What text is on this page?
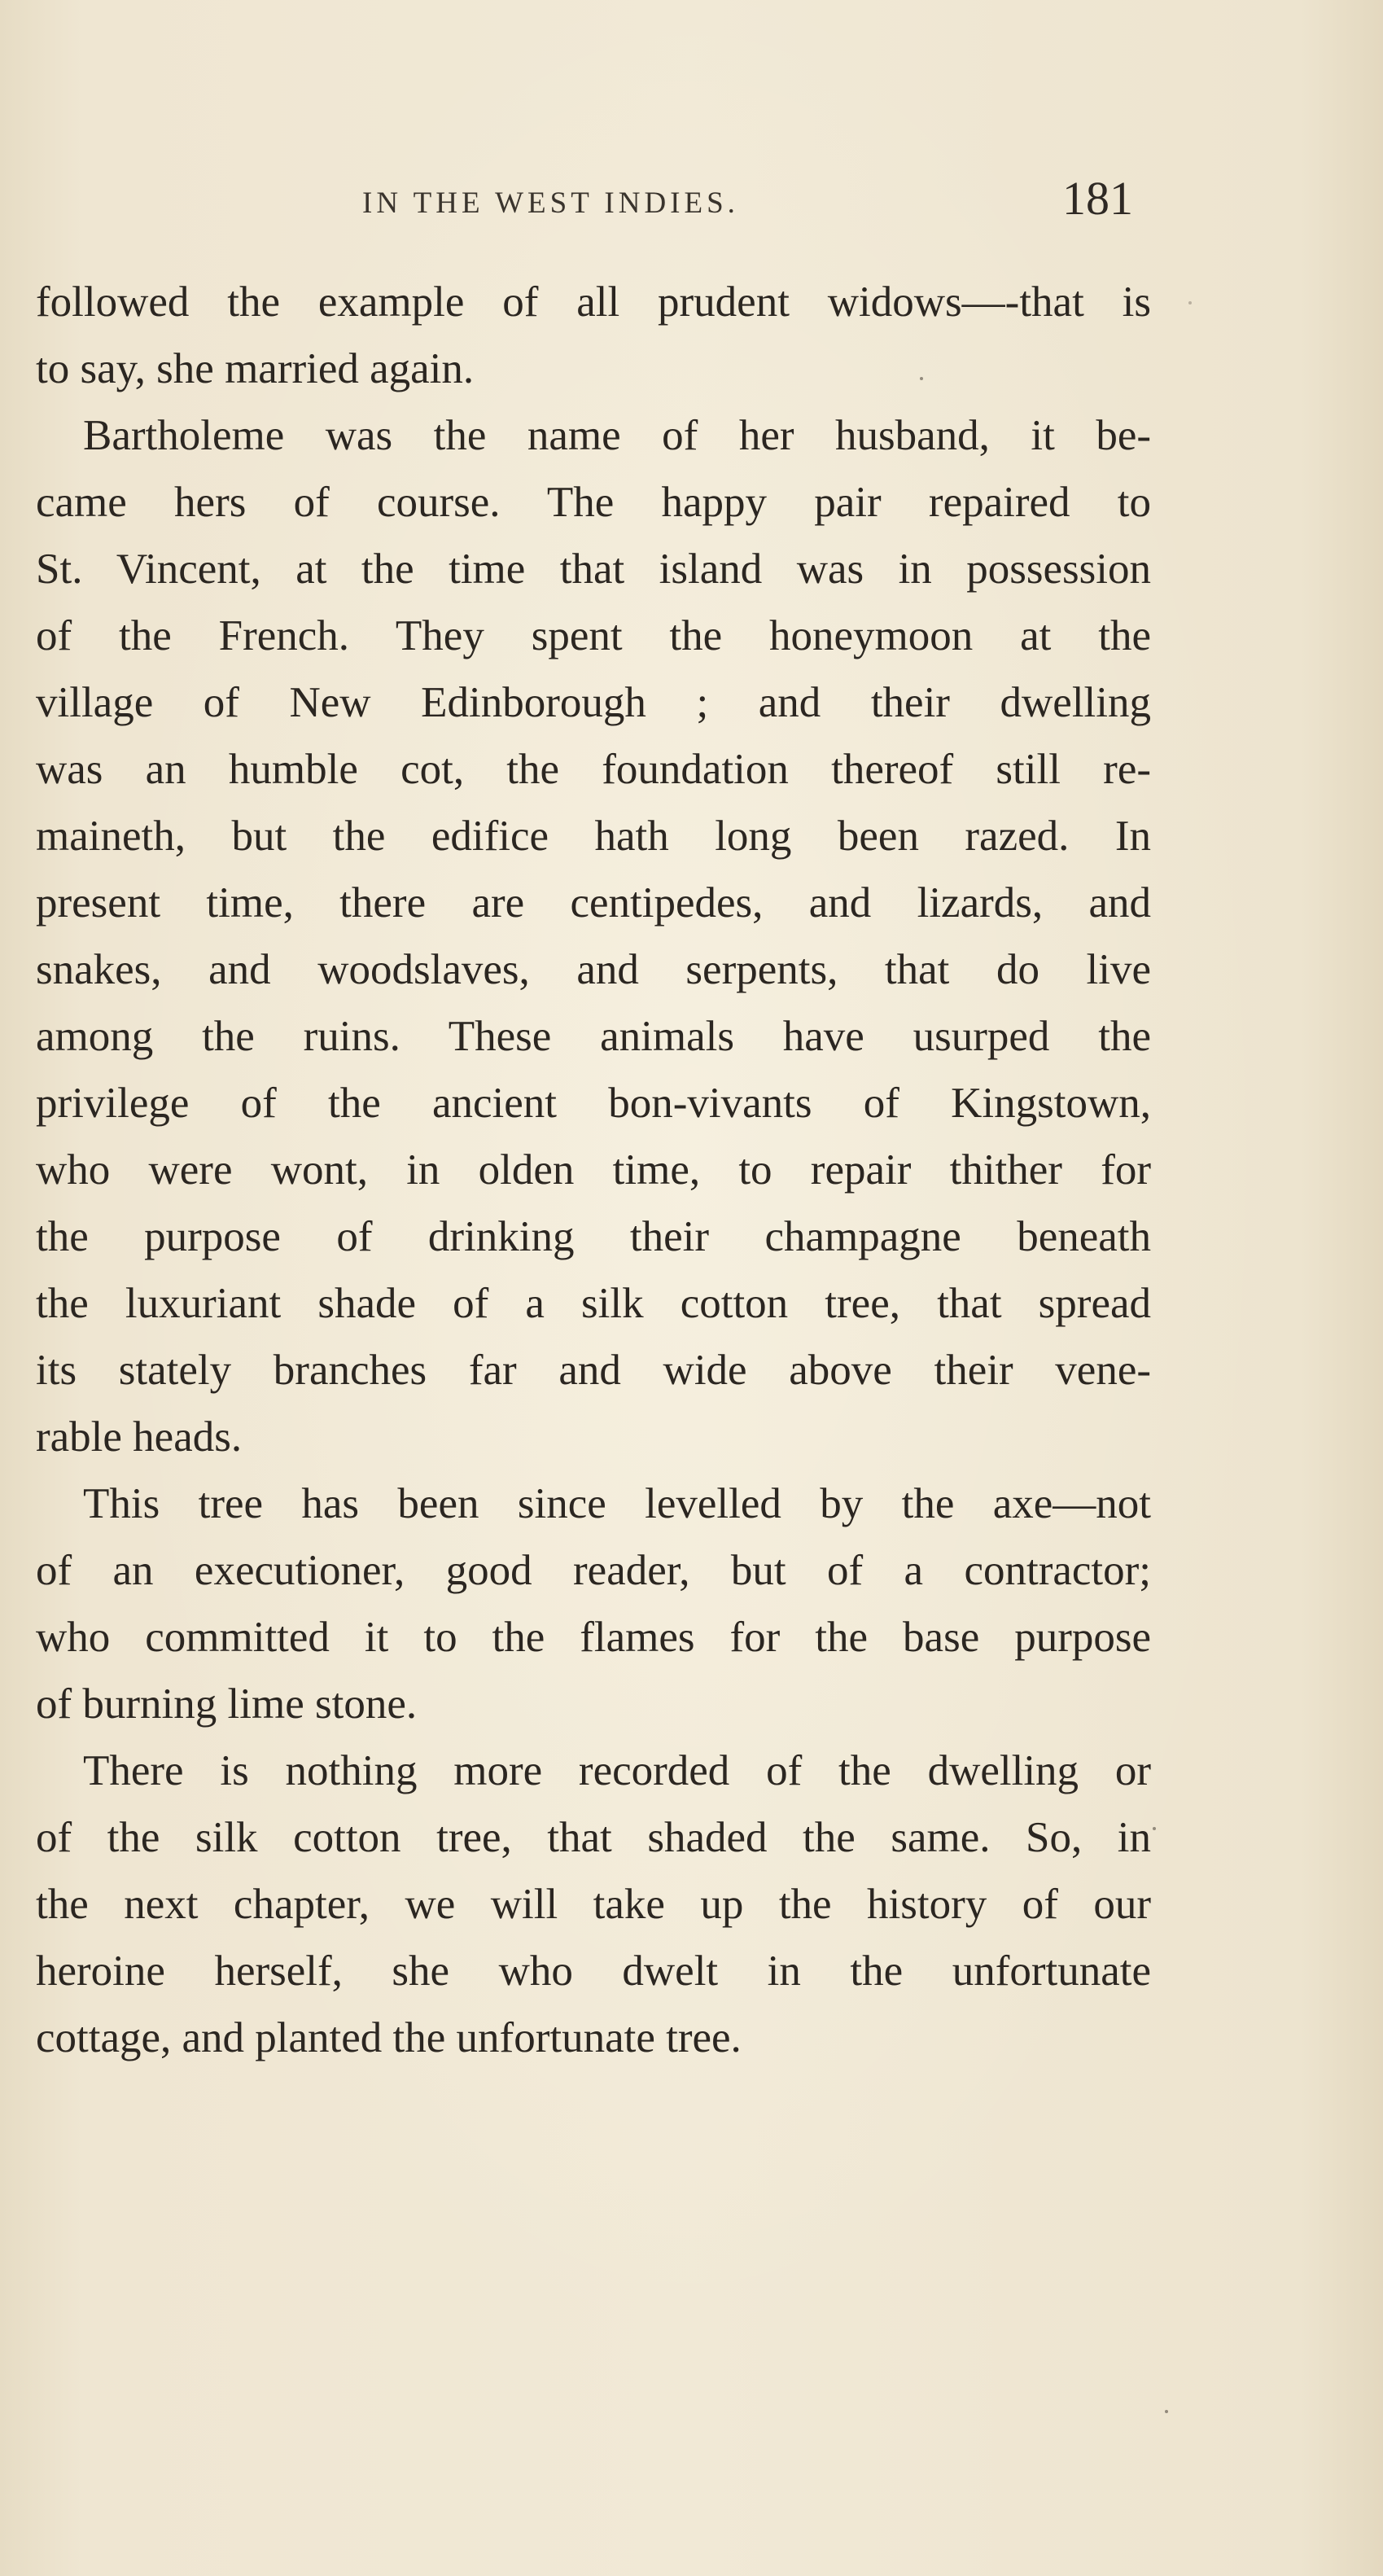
IN THE WEST INDIES.	181
followed the example of all prudent widows—-that is
to say, she married again.
Bartholeme was the name of her husband, it be-
came hers of course. The happy pair repaired to
St. Vincent, at the time that island was in possession
of the French. They spent the honeymoon at the
village of New Edinborough ; and their dwelling
was an humble cot, the foundation thereof still re-
maineth, but the edifice hath long been razed. In
present time, there are centipedes, and lizards, and
snakes, and woodslaves, and serpents, that do live
among the ruins. These animals have usurped the
privilege of the ancient bon-vivants of Kingstown,
who were wont, in olden time, to repair thither for
the purpose of drinking their champagne beneath
the luxuriant shade of a silk cotton tree, that spread
its stately branches far and wide above their vene-
rable heads.
This tree has been since levelled by the axe—not
of an executioner, good reader, but of a contractor;
who committed it to the flames for the base purpose
of burning lime stone.
There is nothing more recorded of the dwelling or
of the silk cotton tree, that shaded the same. So, in
the next chapter, we will take up the history of our
heroine herself, she who dwelt in the unfortunate
cottage, and planted the unfortunate tree.
